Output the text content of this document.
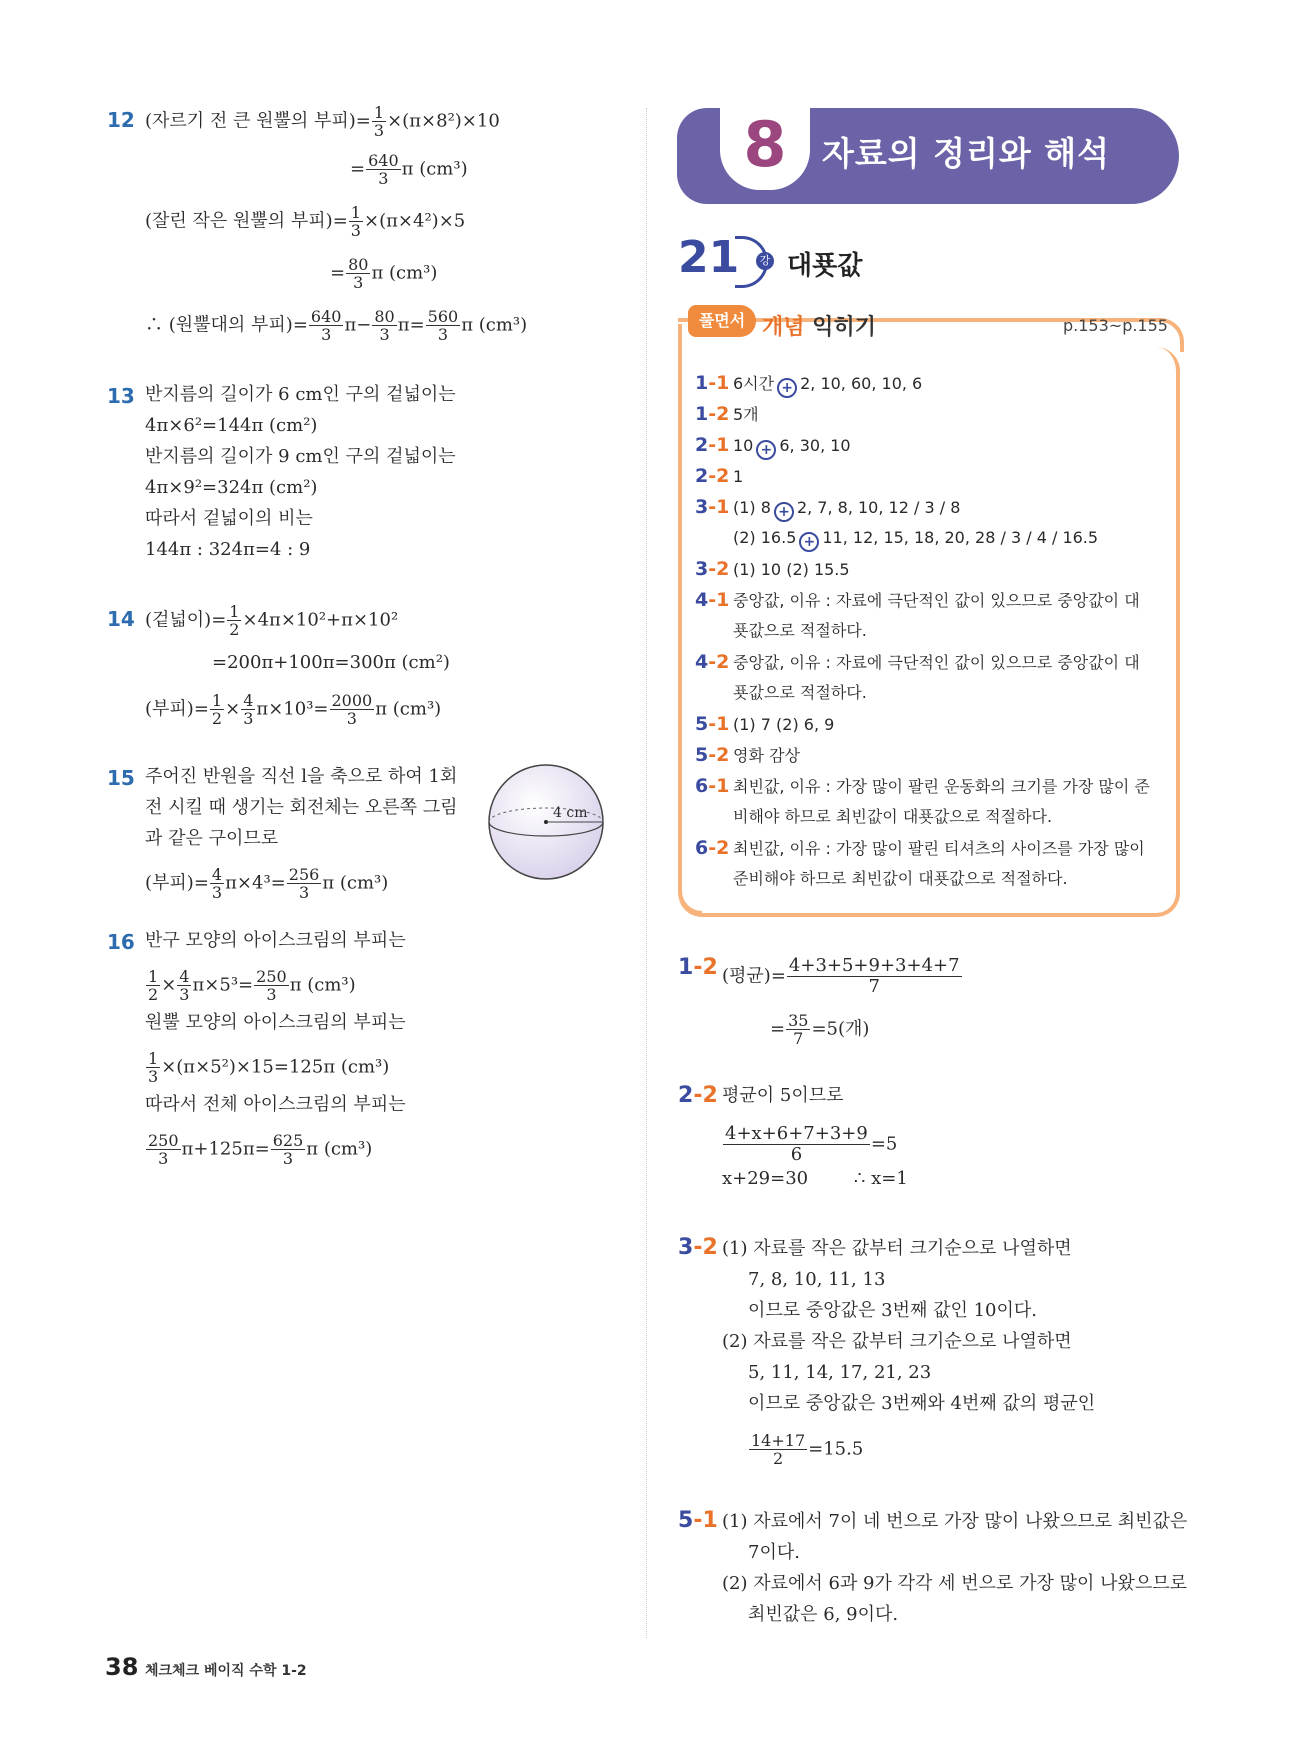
12 (자르기 전 큰 원뿔의 부피)= $\frac{1}{3} \times(\pi\times 8^2)\times 10$
= $\frac{640}{3}$ π (cm³)
(잘린 작은 원뿔의 부피)= $\frac{1}{3} \times(\pi\times 4^2)\times 5$
= $\frac{80}{3}$ π (cm³)
∴ (원뿔대의 부피)= $\frac{640}{3} \pi- \frac{80}{3} \pi= \frac{560}{3}$ π (cm³)
13 반지름의 길이가 6 cm인 구의 겉넓이는
4π×6²=144π (cm²)
반지름의 길이가 9 cm인 구의 겉넓이는
4π×9²=324π (cm²)
따라서 겉넓이의 비는
144π : 324π=4 : 9
14 (겉넓이)= $\frac{1}{2} \times 4\pi\times 10^2+\pi\times 10^2$
=200π+100π=300π (cm²)
(부피)= $\frac{1}{2} \times \frac{4}{3} \pi\times 10^3= \frac{2000}{3}$ π (cm³)
15 주어진 반원을 직선 l을 축으로 하여 1회
전 시킬 때 생기는 회전체는 오른쪽 그림
과 같은 구이므로
(부피)= $\frac{4}{3} \pi\times 4^3= \frac{256}{3}$ π (cm³)
4 cm
16 반구 모양의 아이스크림의 부피는
$\frac{1}{2} \times \frac{4}{3} \pi\times 5^3= \frac{250}{3}$ π (cm³)
원뿔 모양의 아이스크림의 부피는
$\frac{1}{3} \times(\pi\times 5^2)\times 15=125\pi$ (cm³)
따라서 전체 아이스크림의 부피는
$\frac{250}{3} \pi+125\pi= \frac{625}{3}$ π (cm³)
8	자료의 정리와 해석
21	강 대푯값
풀면서 개념 익히기	p.153~p.155
1-1 6시간 + 2, 10, 60, 10, 6
1-2 5개
2-1 10 + 6, 30, 10
2-2 1
3-1 (1) 8 + 2, 7, 8, 10, 12 / 3 / 8
(2) 16.5 + 11, 12, 15, 18, 20, 28 / 3 / 4 / 16.5
3-2 (1) 10 (2) 15.5
4-1 중앙값, 이유 : 자료에 극단적인 값이 있으므로 중앙값이 대
푯값으로 적절하다.
4-2 중앙값, 이유 : 자료에 극단적인 값이 있으므로 중앙값이 대
푯값으로 적절하다.
5-1 (1) 7 (2) 6, 9
5-2 영화 감상
6-1 최빈값, 이유 : 가장 많이 팔린 운동화의 크기를 가장 많이 준
비해야 하므로 최빈값이 대푯값으로 적절하다.
6-2 최빈값, 이유 : 가장 많이 팔린 티셔츠의 사이즈를 가장 많이
준비해야 하므로 최빈값이 대푯값으로 적절하다.
1-2 (평균)= $\frac{4+3+5+9+3+4+7}{7}$
= $\frac{35}{7} =5$(개)
2-2 평균이 5이므로
$\frac{4+x+6+7+3+9}{6} =5$
x+29=30	∴ x=1
3-2 (1) 자료를 작은 값부터 크기순으로 나열하면
7, 8, 10, 11, 13
이므로 중앙값은 3번째 값인 10이다.
(2) 자료를 작은 값부터 크기순으로 나열하면
5, 11, 14, 17, 21, 23
이므로 중앙값은 3번째와 4번째 값의 평균인
$\frac{14+17}{2} =15.5$
5-1 (1) 자료에서 7이 네 번으로 가장 많이 나왔으므로 최빈값은
7이다.
(2) 자료에서 6과 9가 각각 세 번으로 가장 많이 나왔으므로
최빈값은 6, 9이다.
38 체크체크 베이직 수학 1-2
